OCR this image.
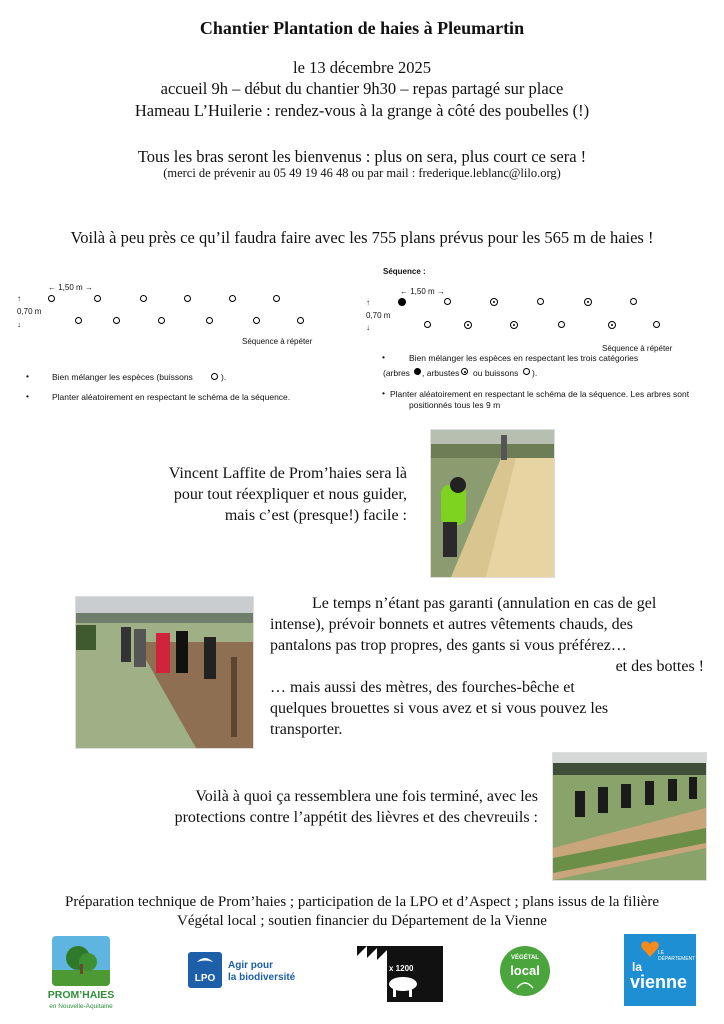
Chantier Plantation de haies à Pleumartin
le 13 décembre 2025
accueil 9h – début du chantier 9h30 – repas partagé sur place
Hameau L’Huilerie : rendez-vous à la grange à côté des poubelles (!)
Tous les bras seront les bienvenus : plus on sera, plus court ce sera !
(merci de prévenir au 05 49 19 46 48 ou par mail : frederique.leblanc@lilo.org)
Voilà à peu près ce qu’il faudra faire avec les 755 plans prévus pour les 565 m de haies !
← 1,50 m →
↑
0,70 m
↓
Séquence à répéter
•	Bien mélanger les espèces (buissons	).
•	Planter aléatoirement en respectant le schéma de la séquence.
Séquence :
← 1,50 m →
↑
0,70 m
↓
Séquence à répéter
•	Bien mélanger les espèces en respectant les trois catégories
(arbres , arbustes ou buissons ).
• Planter aléatoirement en respectant le schéma de la séquence. Les arbres sont
positionnés tous les 9 m
Vincent Laffite de Prom’haies sera là
pour tout réexpliquer et nous guider,
mais c’est (presque!) facile :
Le temps n’étant pas garanti (annulation en cas de gel
intense), prévoir bonnets et autres vêtements chauds, des
pantalons pas trop propres, des gants si vous préférez…
et des bottes !
… mais aussi des mètres, des fourches-bêche et
quelques brouettes si vous avez et si vous pouvez les
transporter.
Voilà à quoi ça ressemblera une fois terminé, avec les
protections contre l’appétit des lièvres et des chevreuils :
Préparation technique de Prom’haies ; participation de la LPO et d’Aspect ; plans issus de la filière
Végétal local ; soutien financier du Département de la Vienne
PROM’HAIES
en Nouvelle-Aquitaine
LPO
Agir pour
la biodiversité
x 1200
VÉGÉTAL
local
LE DÉPARTEMENT
la
vienne
